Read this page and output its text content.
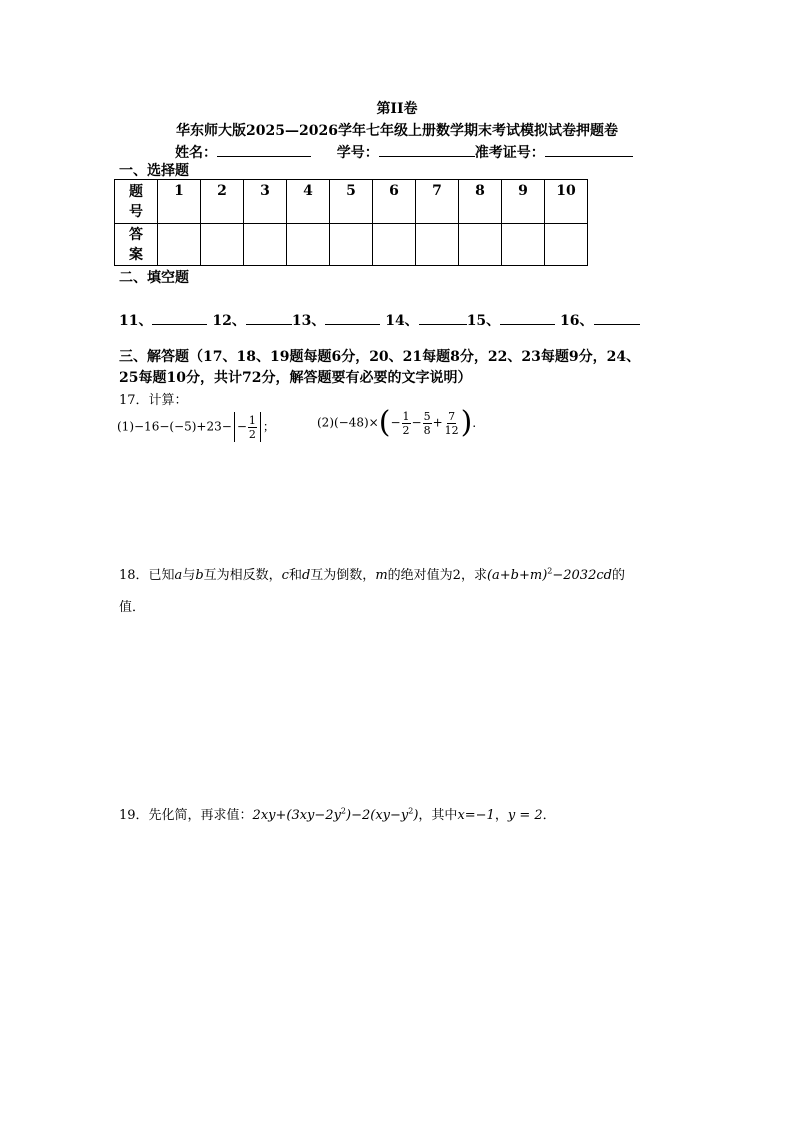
第II卷
华东师大版2025—2026学年七年级上册数学期末考试模拟试卷押题卷
姓名：	学号：	准考证号：
一、选择题
题
号	1	2	3	4	5	6	7	8	9	10
答
案										
二、填空题
11、	12、	13、	14、	15、	16、
三、解答题（17、18、19题每题6分，20、21每题8分，22、23每题9分，24、
25每题10分，共计72分，解答题要有必要的文字说明）
17．计算：
$(1)-16-(-5)+23- - \frac{1}{2}$ ；	$(2)(-48)\times(- \frac{1}{2} - \frac{5}{8} + \frac{7}{12}$ )．
18．已知a与b互为相反数，c和d互为倒数，m的绝对值为2，求$(a+b+m)^2-2032cd$的
值．
19．先化简，再求值：$2xy+(3xy-2y^2)-2(xy-y^2)$，其中x=−1，y = 2．
